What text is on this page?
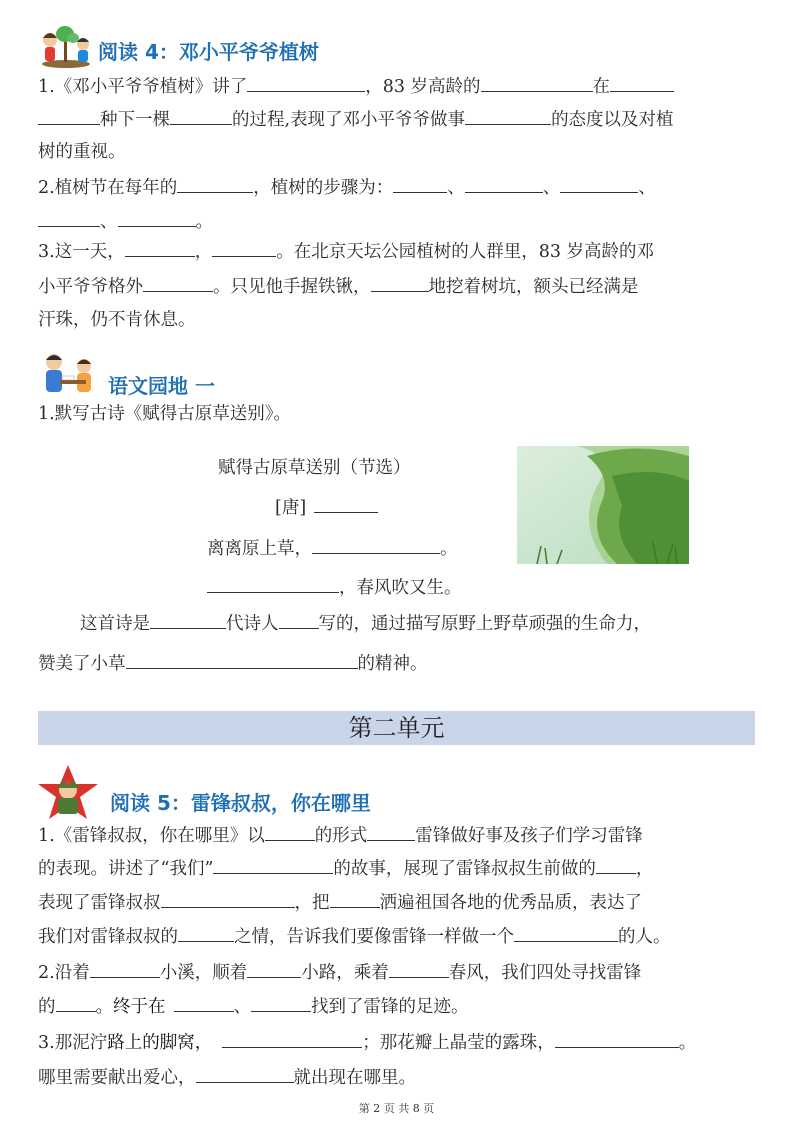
阅读 4：邓小平爷爷植树
1.《邓小平爷爷植树》讲了	，83 岁高龄的	在
种下一棵	的过程,表现了邓小平爷爷做事	的态度以及对植
树的重视。
2.植树节在每年的	，植树的步骤为：	、	、	、
、	。
3.这一天，	，	。在北京天坛公园植树的人群里，83 岁高龄的邓
小平爷爷格外	。只见他手握铁锹，	地挖着树坑，额头已经满是
汗珠，仍不肯休息。
语文园地 一
1.默写古诗《赋得古原草送别》。
赋得古原草送别（节选）
[唐]
离离原上草，	。
，春风吹又生。
这首诗是	代诗人 写的，通过描写原野上野草顽强的生命力，
赞美了小草	的精神。
第二单元
阅读 5：雷锋叔叔，你在哪里
1.《雷锋叔叔，你在哪里》以	的形式	雷锋做好事及孩子们学习雷锋
的表现。讲述了“我们”	的故事，展现了雷锋叔叔生前做的 ，
表现了雷锋叔叔	，把	洒遍祖国各地的优秀品质，表达了
我们对雷锋叔叔的	之情，告诉我们要像雷锋一样做一个	的人。
2.沿着	小溪，顺着	小路，乘着	春风，我们四处寻找雷锋
的 。终于在	、	找到了雷锋的足迹。
3.那泥泞路上的脚窝，	；那花瓣上晶莹的露珠，	。
哪里需要献出爱心，	就出现在哪里。
第 2 页 共 8 页
